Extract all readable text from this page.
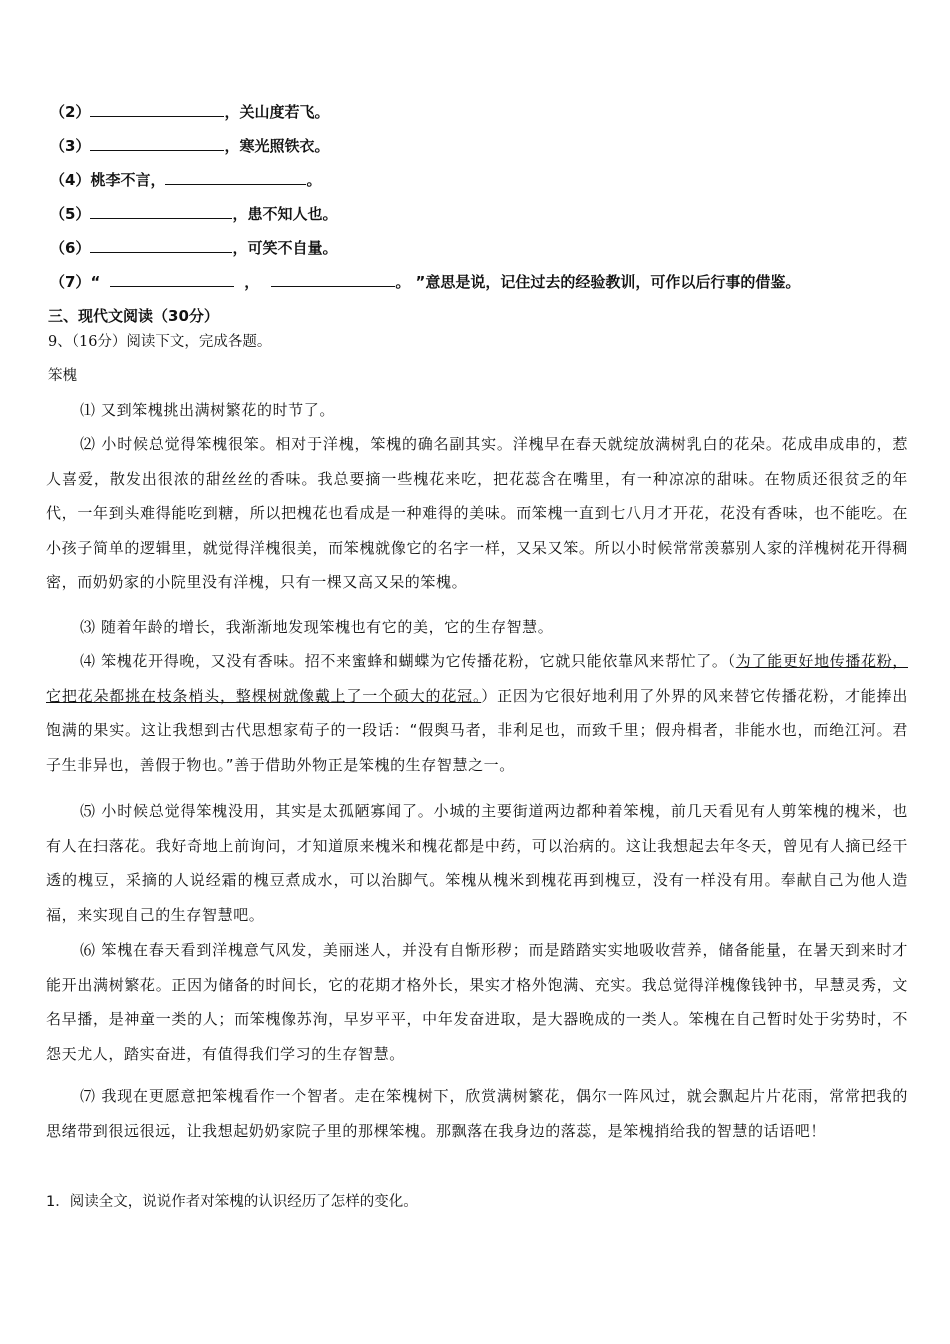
（2）	，关山度若飞。
（3）	，寒光照铁衣。
（4）桃李不言，	。
（5）	，患不知人也。
（6）	，可笑不自量。
（7）“	，	。 ”意思是说，记住过去的经验教训，可作以后行事的借鉴。
三、现代文阅读（30分）
9、（16分）阅读下文，完成各题。
笨槐
⑴ 又到笨槐挑出满树繁花的时节了。
⑵ 小时候总觉得笨槐很笨。相对于洋槐，笨槐的确名副其实。洋槐早在春天就绽放满树乳白的花朵。花成串成串的，惹人喜爱，散发出很浓的甜丝丝的香味。我总要摘一些槐花来吃，把花蕊含在嘴里，有一种凉凉的甜味。在物质还很贫乏的年代，一年到头难得能吃到糖，所以把槐花也看成是一种难得的美味。而笨槐一直到七八月才开花，花没有香味，也不能吃。在小孩子简单的逻辑里，就觉得洋槐很美，而笨槐就像它的名字一样，又呆又笨。所以小时候常常羡慕别人家的洋槐树花开得稠密，而奶奶家的小院里没有洋槐，只有一棵又高又呆的笨槐。
⑶ 随着年龄的增长，我渐渐地发现笨槐也有它的美，它的生存智慧。
⑷ 笨槐花开得晚，又没有香味。招不来蜜蜂和蝴蝶为它传播花粉，它就只能依靠风来帮忙了。（为了能更好地传播花粉，它把花朵都挑在枝条梢头，整棵树就像戴上了一个硕大的花冠。）正因为它很好地利用了外界的风来替它传播花粉，才能捧出饱满的果实。这让我想到古代思想家荀子的一段话：“假舆马者，非利足也，而致千里；假舟楫者，非能水也，而绝江河。君子生非异也，善假于物也。”善于借助外物正是笨槐的生存智慧之一。
⑸ 小时候总觉得笨槐没用，其实是太孤陋寡闻了。小城的主要街道两边都种着笨槐，前几天看见有人剪笨槐的槐米，也有人在扫落花。我好奇地上前询问，才知道原来槐米和槐花都是中药，可以治病的。这让我想起去年冬天，曾见有人摘已经干透的槐豆，采摘的人说经霜的槐豆煮成水，可以治脚气。笨槐从槐米到槐花再到槐豆，没有一样没有用。奉献自己为他人造福，来实现自己的生存智慧吧。
⑹ 笨槐在春天看到洋槐意气风发，美丽迷人，并没有自惭形秽；而是踏踏实实地吸收营养，储备能量，在暑天到来时才能开出满树繁花。正因为储备的时间长，它的花期才格外长，果实才格外饱满、充实。我总觉得洋槐像钱钟书，早慧灵秀，文名早播，是神童一类的人；而笨槐像苏洵，早岁平平，中年发奋进取，是大器晚成的一类人。笨槐在自己暂时处于劣势时，不怨天尤人，踏实奋进，有值得我们学习的生存智慧。
⑺ 我现在更愿意把笨槐看作一个智者。走在笨槐树下，欣赏满树繁花，偶尔一阵风过，就会飘起片片花雨，常常把我的思绪带到很远很远，让我想起奶奶家院子里的那棵笨槐。那飘落在我身边的落蕊，是笨槐捎给我的智慧的话语吧！
1．阅读全文，说说作者对笨槐的认识经历了怎样的变化。
